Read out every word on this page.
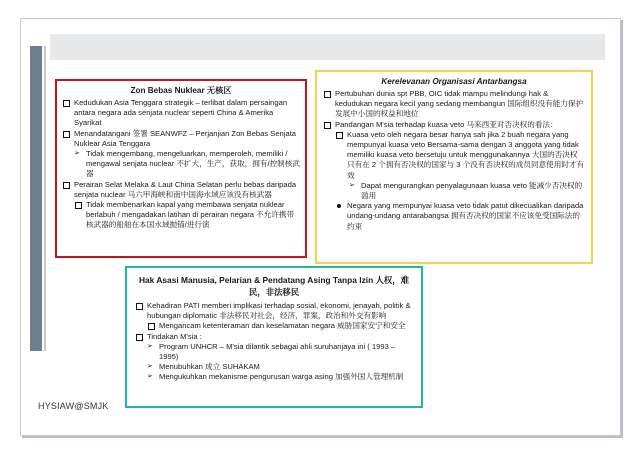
Zon Bebas Nuklear 无核区
Kedudukan Asia Tenggara strategik – terlibat dalam persaingan antara negara ada senjata nuclear seperti China & Amerika Syarikat
Menandatangani 签署 SEANWFZ – Perjanjian Zon Bebas Senjata Nuklear Asia Tenggara
➢ Tidak mengembang, mengeluarkan, memperoleh, memiliki / mengawal senjata nuclear 不扩大，生产，获取，拥有/控制核武器
Perairan Selat Melaka & Laut China Selatan perlu bebas daripada senjata nuclear 马六甲海峡和南中国海水域应该没有核武器
Tidak membenarkan kapal yang membawa senjata nuklear berlabuh / mengadakan latihan di perairan negara 不允许携带核武器的船舶在本国水域抛锚/进行演
Kerelevanan Organisasi Antarbangsa
Pertubuhan dunia spt PBB, OIC tidak mampu melindungi hak & kedudukan negara kecil yang sedang membangun 国际组织没有能力保护发展中小国的权益和地位
Pandangan M'sia terhadap kuasa veto 马来西亚对否决权的看法：
Kuasa veto oleh negara besar hanya sah jika 2 buah negara yang mempunyai kuasa veto Bersama-sama dengan 3 anggota yang tidak memiliki kuasa veto bersetuju untuk menggunakannya 大国的否决权只有在 2 个拥有否决权的国家与 3 个没有否决权的成员同意使用时才有效
➢ Dapat mengurangkan penyalagunaan kuasa veto 能减少否决权的滥用
Negara yang mempunyai kuasa veto tidak patut dikecualikan daripada undang-undang antarabangsa 拥有否决权的国家不应该免受国际法的约束
Hak Asasi Manusia, Pelarian & Pendatang Asing Tanpa Izin 人权，难民，非法移民
Kehadiran PATI memberi implikasi terhadap sosial, ekonomi, jenayah, politik & hubungan diplomatic 非法移民对社会，经济，罪案，政治和外交有影响
Mengancam ketenteraman dan keselamatan negara 威胁国家安宁和安全
Tindakan M'sia :
➢ Program UNHCR – M'sia dilantik sebagai ahli suruhanjaya ini ( 1993 – 1995)
➢ Menubuhkan 成立 SUHAKAM
➢ Mengukuhkan mekanisme pengurusan warga asing 加强外国人管理机制
HYSIAW@SMJK
